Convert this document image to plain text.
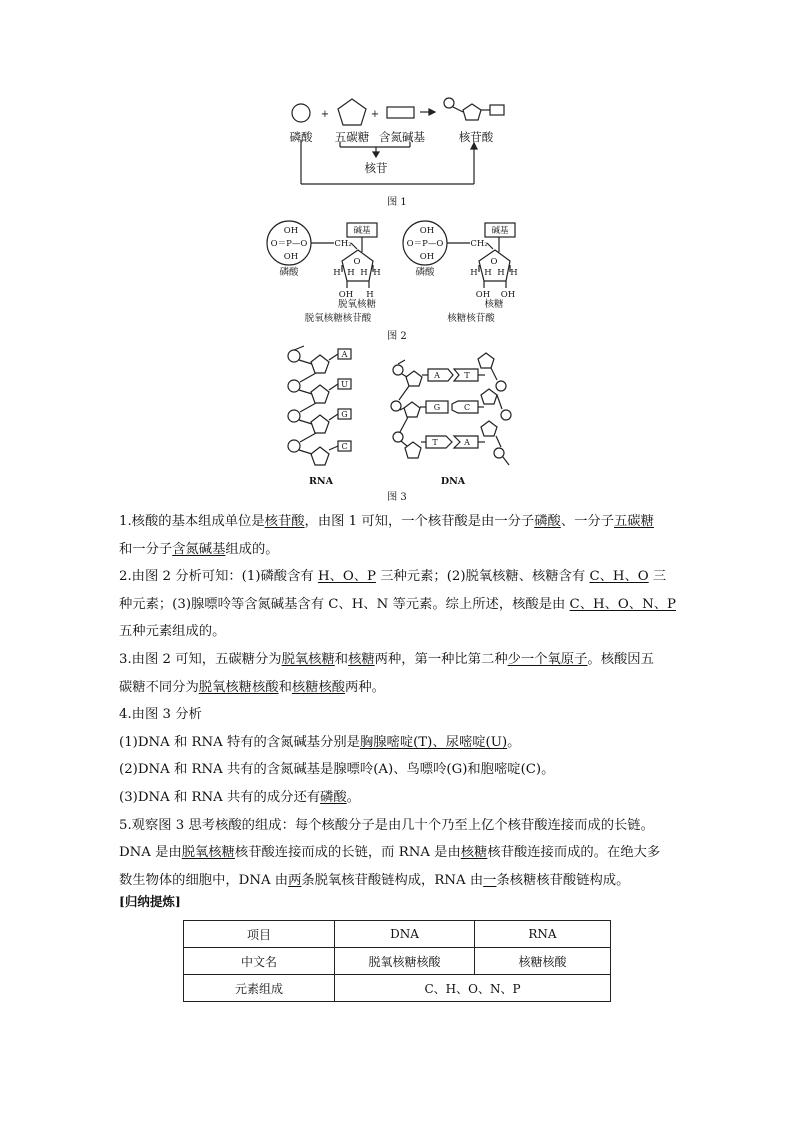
磷酸
+	+
五碳糖 含氮碱基	核苷酸
核苷
图 1
OH
O＝P—O
OH
CH₂
碱基
O
H H H H
OH H
磷酸
脱氧核糖
脱氧核糖核苷酸
OH
O＝P—O
OH
CH₂
碱基
O
H H H H
OH OH
磷酸
核糖
核糖核苷酸
图 2
A
U
G
C
A	T
G	C
T	A
RNA	DNA
图 3

1.核酸的基本组成单位是核苷酸，由图 1 可知，一个核苷酸是由一分子磷酸、一分子五碳糖

和一分子含氮碱基组成的。

2.由图 2 分析可知：(1)磷酸含有 H、O、P 三种元素；(2)脱氧核糖、核糖含有 C、H、O 三

种元素；(3)腺嘌呤等含氮碱基含有 C、H、N 等元素。综上所述，核酸是由 C、H、O、N、P

五种元素组成的。

3.由图 2 可知，五碳糖分为脱氧核糖和核糖两种，第一种比第二种少一个氧原子。核酸因五

碳糖不同分为脱氧核糖核酸和核糖核酸两种。

4.由图 3 分析

(1)DNA 和 RNA 特有的含氮碱基分别是胸腺嘧啶(T)、尿嘧啶(U)。

(2)DNA 和 RNA 共有的含氮碱基是腺嘌呤(A)、鸟嘌呤(G)和胞嘧啶(C)。

(3)DNA 和 RNA 共有的成分还有磷酸。

5.观察图 3 思考核酸的组成：每个核酸分子是由几十个乃至上亿个核苷酸连接而成的长链。

DNA 是由脱氧核糖核苷酸连接而成的长链，而 RNA 是由核糖核苷酸连接而成的。在绝大多

数生物体的细胞中，DNA 由两条脱氧核苷酸链构成，RNA 由一条核糖核苷酸链构成。

[归纳提炼]
项目	DNA	RNA
中文名	脱氧核糖核酸	核糖核酸
元素组成	C、H、O、N、P	
